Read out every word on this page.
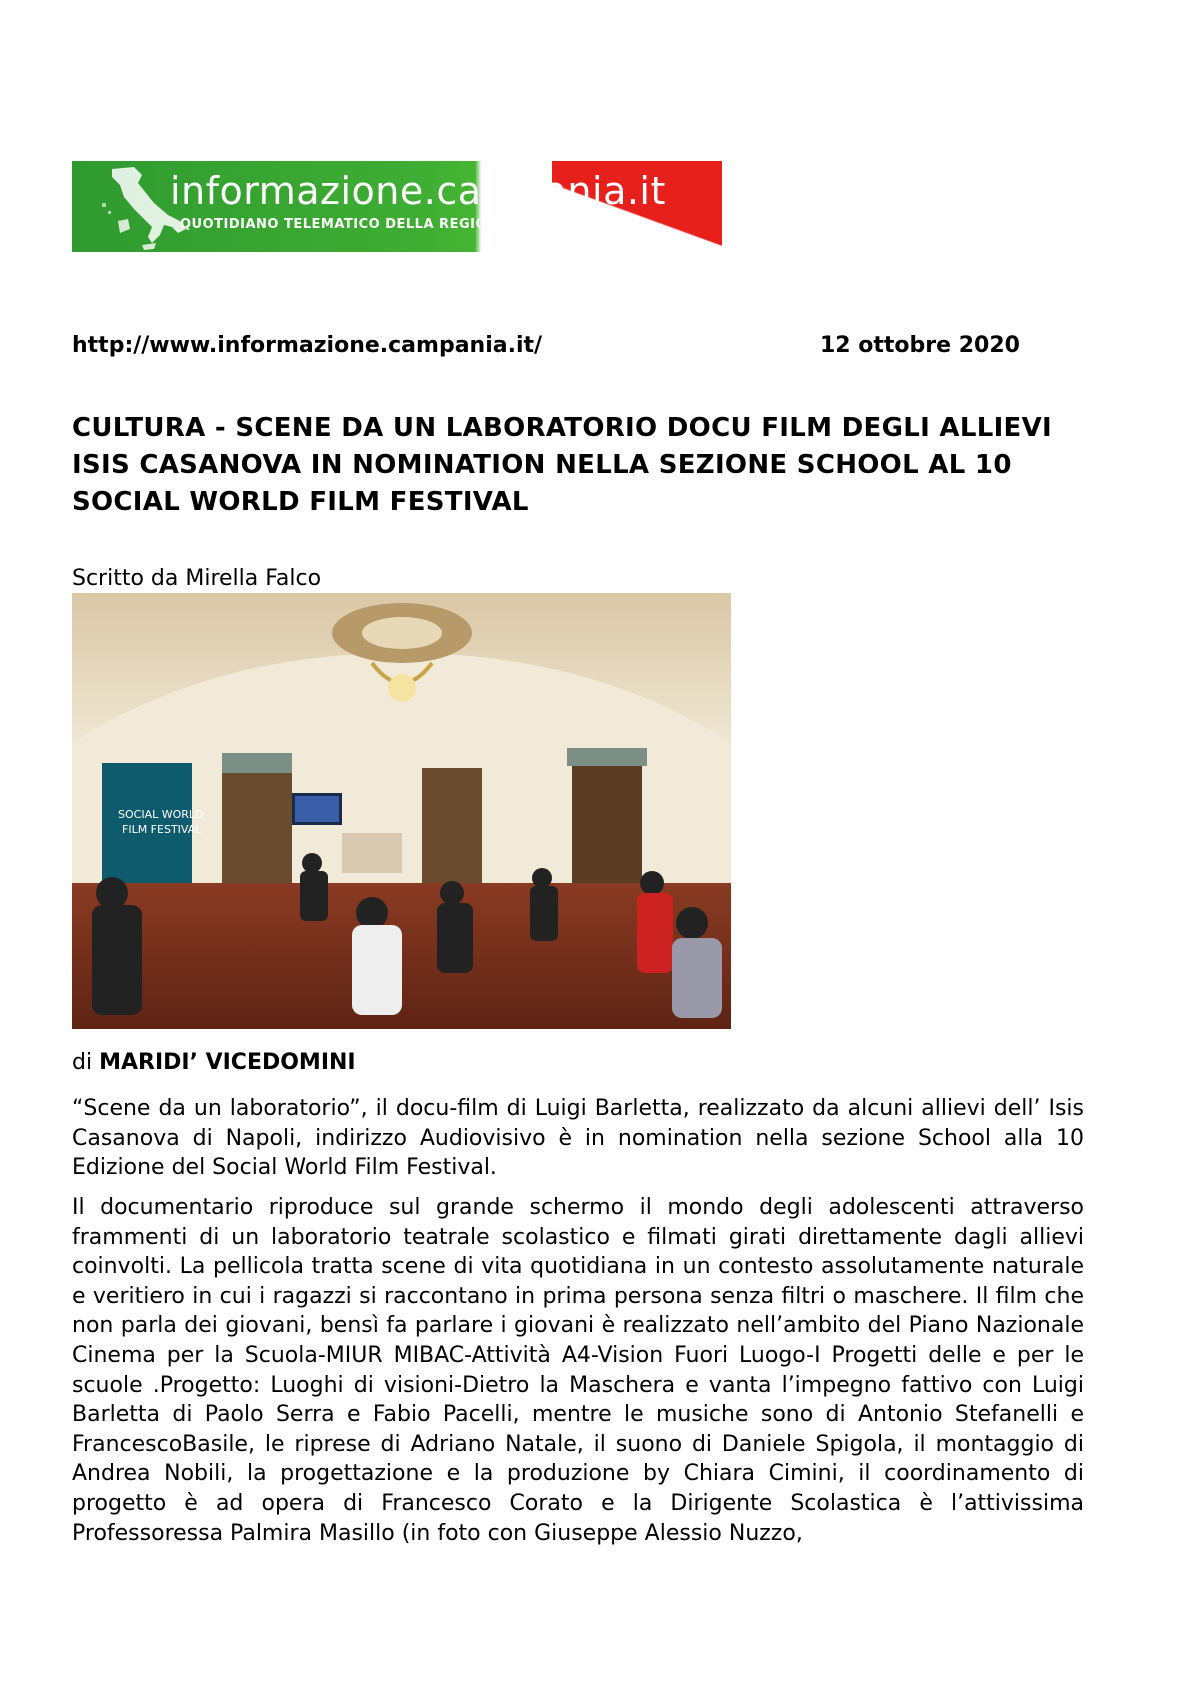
informazione.campania.it
QUOTIDIANO TELEMATICO DELLA REGIONE CAMPANIA
http://www.informazione.campania.it/	12 ottobre 2020
CULTURA - SCENE DA UN LABORATORIO DOCU FILM DEGLI ALLIEVI ISIS CASANOVA IN NOMINATION NELLA SEZIONE SCHOOL AL 10 SOCIAL WORLD FILM FESTIVAL
Scritto da Mirella Falco
SOCIAL WORLD
FILM FESTIVAL
di MARIDI’ VICEDOMINI

“Scene da un laboratorio”, il docu-film di Luigi Barletta, realizzato da alcuni allievi dell’ Isis Casanova di Napoli, indirizzo Audiovisivo è in nomination nella sezione School alla 10 Edizione del Social World Film Festival.

Il documentario riproduce sul grande schermo il mondo degli adolescenti attraverso frammenti di un laboratorio teatrale scolastico e filmati girati direttamente dagli allievi coinvolti. La pellicola tratta scene di vita quotidiana in un contesto assolutamente naturale e veritiero in cui i ragazzi si raccontano in prima persona senza filtri o maschere. Il film che non parla dei giovani, bensì fa parlare i giovani è realizzato nell’ambito del Piano Nazionale Cinema per la Scuola-MIUR MIBAC-Attività A4-Vision Fuori Luogo-I Progetti delle e per le scuole .Progetto: Luoghi di visioni-Dietro la Maschera e vanta l’impegno fattivo con Luigi Barletta di Paolo Serra e Fabio Pacelli, mentre le musiche sono di Antonio Stefanelli e FrancescoBasile, le riprese di Adriano Natale, il suono di Daniele Spigola, il montaggio di Andrea Nobili, la progettazione e la produzione by Chiara Cimini, il coordinamento di progetto è ad opera di Francesco Corato e la Dirigente Scolastica è l’attivissima Professoressa Palmira Masillo (in foto con Giuseppe Alessio Nuzzo,
